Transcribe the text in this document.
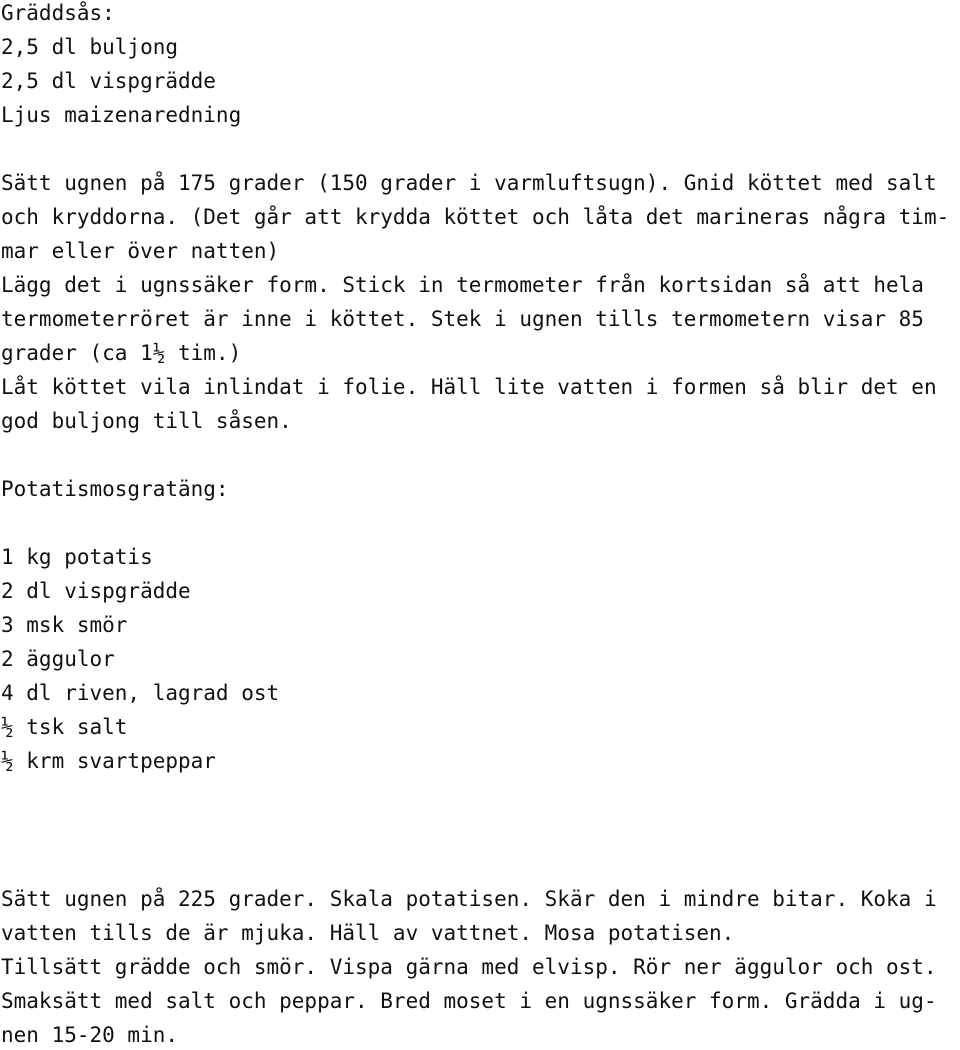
Gräddsås:

2,5 dl buljong

2,5 dl vispgrädde

Ljus maizenaredning

Sätt ugnen på 175 grader (150 grader i varmluftsugn). Gnid köttet med salt

och kryddorna. (Det går att krydda köttet och låta det marineras några tim-

mar eller över natten)

Lägg det i ugnssäker form. Stick in termometer från kortsidan så att hela

termometerröret är inne i köttet. Stek i ugnen tills termometern visar 85

grader (ca 1½ tim.)

Låt köttet vila inlindat i folie. Häll lite vatten i formen så blir det en

god buljong till såsen.

Potatismosgratäng:

1 kg potatis

2 dl vispgrädde

3 msk smör

2 äggulor

4 dl riven, lagrad ost

½ tsk salt

½ krm svartpeppar

Sätt ugnen på 225 grader. Skala potatisen. Skär den i mindre bitar. Koka i

vatten tills de är mjuka. Häll av vattnet. Mosa potatisen.

Tillsätt grädde och smör. Vispa gärna med elvisp. Rör ner äggulor och ost.

Smaksätt med salt och peppar. Bred moset i en ugnssäker form. Grädda i ug-

nen 15-20 min.
